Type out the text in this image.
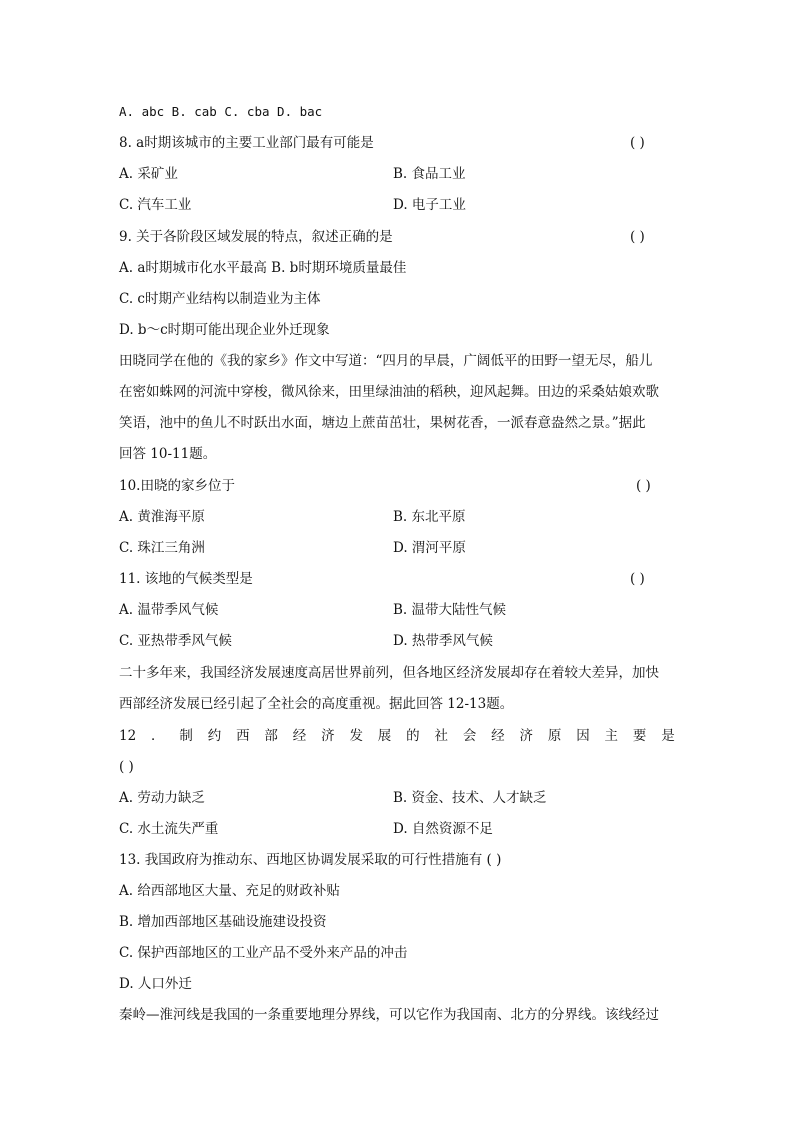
A. abc B. cab C. cba D. bac
8. a时期该城市的主要工业部门最有可能是	( )
A. 采矿业	B. 食品工业
C. 汽车工业	D. 电子工业
9. 关于各阶段区域发展的特点，叙述正确的是	( )
A. a时期城市化水平最高 B. b时期环境质量最佳
C. c时期产业结构以制造业为主体
D. b～c时期可能出现企业外迁现象
田晓同学在他的《我的家乡》作文中写道：“四月的早晨，广阔低平的田野一望无尽，船儿
在密如蛛网的河流中穿梭，微风徐来，田里绿油油的稻秧，迎风起舞。田边的采桑姑娘欢歌
笑语，池中的鱼儿不时跃出水面，塘边上蔗苗茁壮，果树花香，一派春意盎然之景。”据此
回答 10-11题。
10.田晓的家乡位于	( )
A. 黄淮海平原	B. 东北平原
C. 珠江三角洲	D. 渭河平原
11. 该地的气候类型是	( )
A. 温带季风气候	B. 温带大陆性气候
C. 亚热带季风气候	D. 热带季风气候
二十多年来，我国经济发展速度高居世界前列，但各地区经济发展却存在着较大差异，加快
西部经济发展已经引起了全社会的高度重视。据此回答 12-13题。
12 ． 制 约 西 部 经 济 发 展 的 社 会 经 济 原 因 主 要 是
( )
A. 劳动力缺乏	B. 资金、技术、人才缺乏
C. 水土流失严重	D. 自然资源不足
13. 我国政府为推动东、西地区协调发展采取的可行性措施有 ( )
A. 给西部地区大量、充足的财政补贴
B. 增加西部地区基础设施建设投资
C. 保护西部地区的工业产品不受外来产品的冲击
D. 人口外迁
秦岭—淮河线是我国的一条重要地理分界线，可以它作为我国南、北方的分界线。该线经过
